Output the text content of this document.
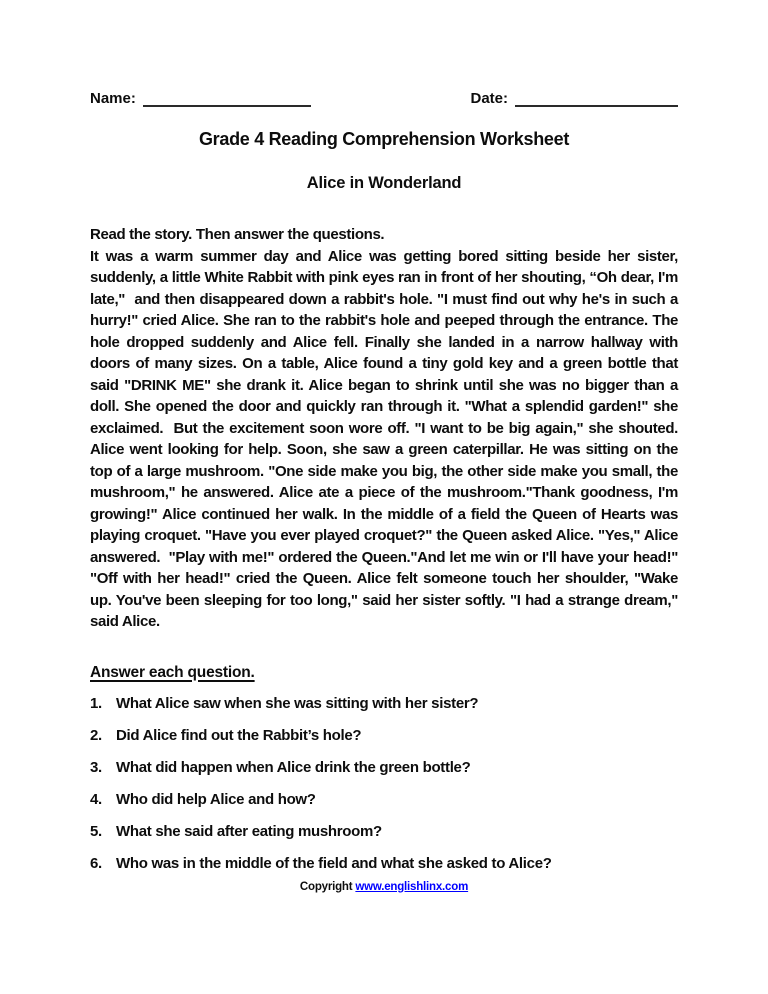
Name:	Date:
Grade 4 Reading Comprehension Worksheet
Alice in Wonderland
Read the story. Then answer the questions.
It was a warm summer day and Alice was getting bored sitting beside her sister, suddenly, a little White Rabbit with pink eyes ran in front of her shouting, “Oh dear, I'm late,"  and then disappeared down a rabbit's hole. "I must find out why he's in such a hurry!" cried Alice. She ran to the rabbit's hole and peeped through the entrance. The hole dropped suddenly and Alice fell. Finally she landed in a narrow hallway with doors of many sizes. On a table, Alice found a tiny gold key and a green bottle that said "DRINK ME" she drank it. Alice began to shrink until she was no bigger than a doll. She opened the door and quickly ran through it. "What a splendid garden!" she exclaimed.  But the excitement soon wore off. "I want to be big again," she shouted. Alice went looking for help. Soon, she saw a green caterpillar. He was sitting on the top of a large mushroom. "One side make you big, the other side make you small, the mushroom," he answered. Alice ate a piece of the mushroom."Thank goodness, I'm growing!" Alice continued her walk. In the middle of a field the Queen of Hearts was playing croquet. "Have you ever played croquet?" the Queen asked Alice. "Yes," Alice answered.  "Play with me!" ordered the Queen."And let me win or I'll have your head!" "Off with her head!" cried the Queen. Alice felt someone touch her shoulder, "Wake up. You've been sleeping for too long," said her sister softly. "I had a strange dream," said Alice.
Answer each question.
1. What Alice saw when she was sitting with her sister?
2. Did Alice find out the Rabbit’s hole?
3. What did happen when Alice drink the green bottle?
4. Who did help Alice and how?
5. What she said after eating mushroom?
6. Who was in the middle of the field and what she asked to Alice?
Copyright www.englishlinx.com
